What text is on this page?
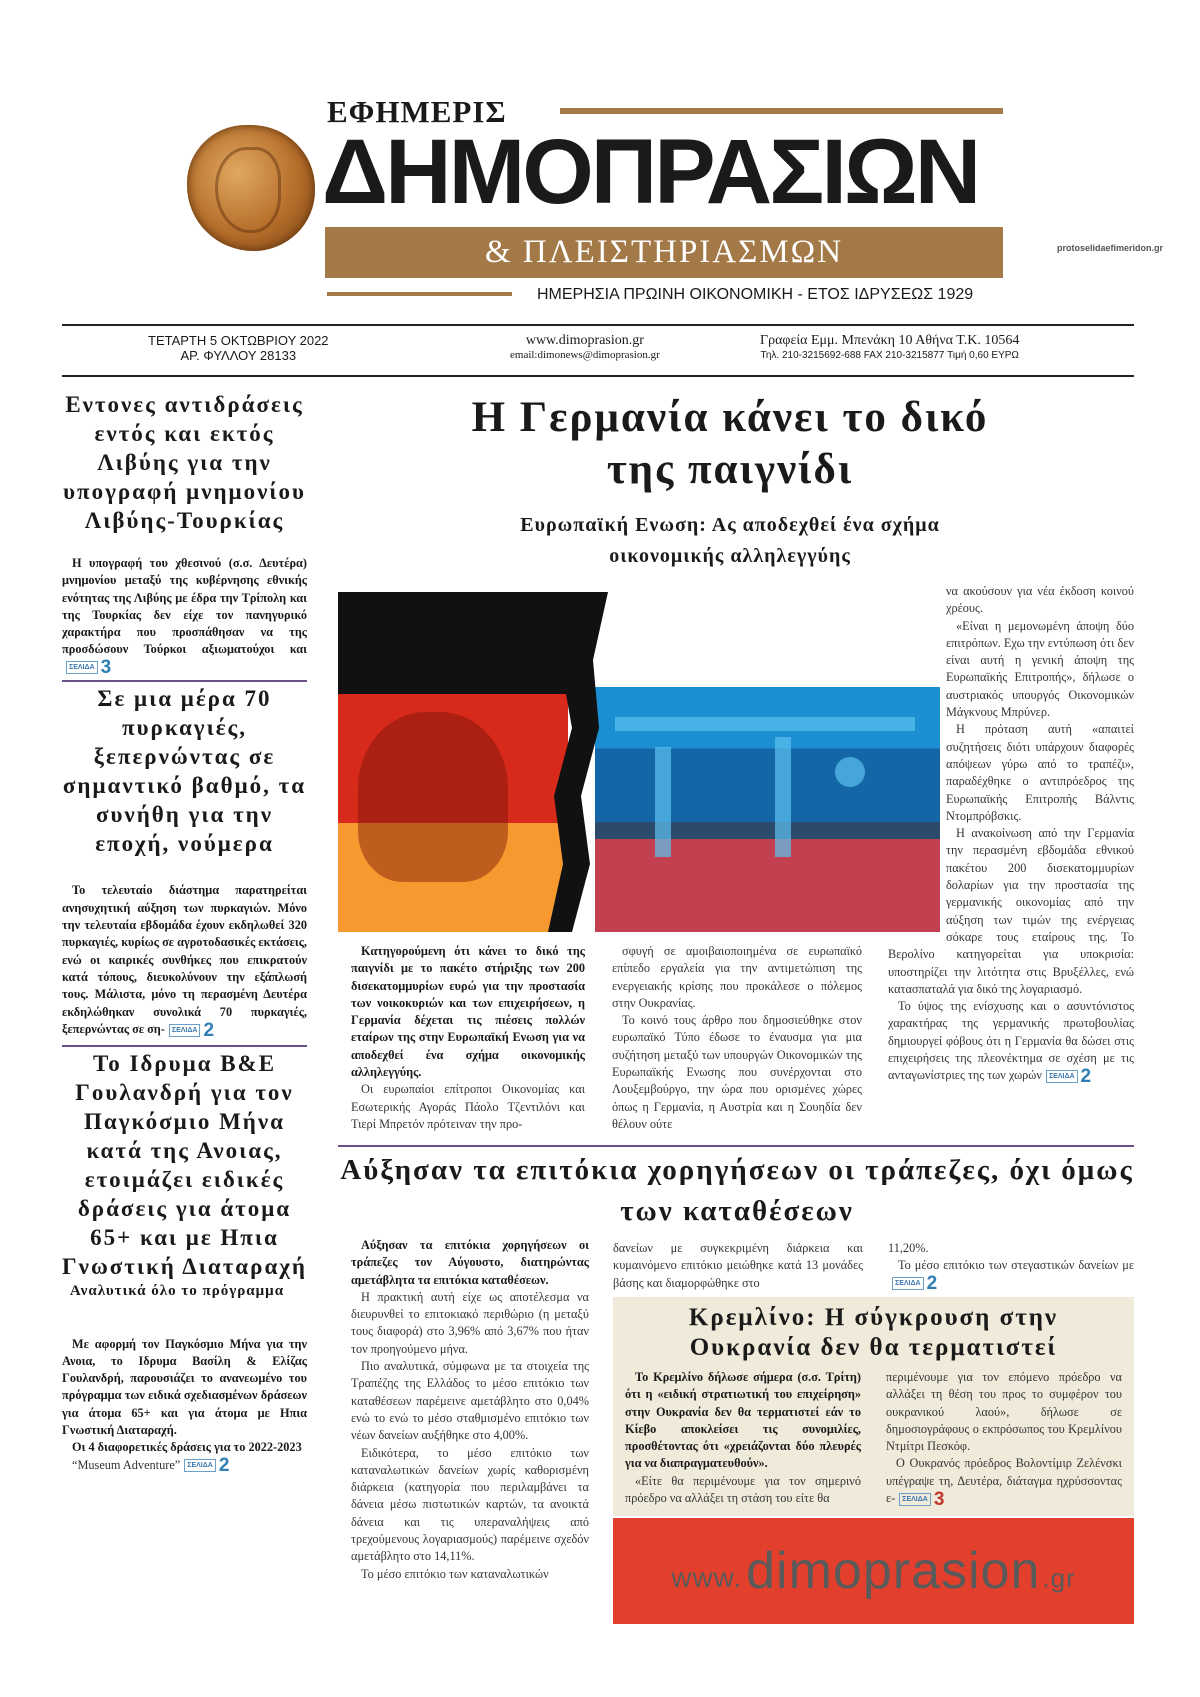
ΕΦΗΜΕΡΙΣ
ΔΗΜΟΠΡΑΣΙΩΝ
& ΠΛΕΙΣΤΗΡΙΑΣΜΩΝ
ΗΜΕΡΗΣΙΑ ΠΡΩΙΝΗ ΟΙΚΟΝΟΜΙΚΗ - ΕΤΟΣ ΙΔΡΥΣΕΩΣ 1929
protoselidaefimeridon.gr
ΤΕΤΑΡΤΗ 5 ΟΚΤΩΒΡΙΟΥ 2022
ΑΡ. ΦΥΛΛΟΥ 28133
www.dimoprasion.gr
email:dimonews@dimoprasion.gr
Γραφεία Εμμ. Μπενάκη 10 Αθήνα Τ.Κ. 10564
Τηλ. 210-3215692-688 FAX 210-3215877 Τιμή 0,60 ΕΥΡΩ
Εντονες αντιδράσεις εντός και εκτός Λιβύης για την υπογραφή μνημονίου Λιβύης-Τουρκίας
Η υπογραφή του χθεσινού (σ.σ. Δευτέρα) μνημονίου μεταξύ της κυβέρνησης εθνικής ενότητας της Λιβύης με έδρα την Τρίπολη και της Τουρκίας δεν είχε τον πανηγυρικό χαρακτήρα που προσπάθησαν να της προσδώσουν Τούρκοι αξιωματούχοι και
ΣΕΛΙΔΑ 3
Σε μια μέρα 70 πυρκαγιές, ξεπερνώντας σε σημαντικό βαθμό, τα συνήθη για την εποχή, νούμερα
Το τελευταίο διάστημα παρατηρείται ανησυχητική αύξηση των πυρκαγιών. Μόνο την τελευταία εβδομάδα έχουν εκδηλωθεί 320 πυρκαγιές, κυρίως σε αγροτοδασικές εκτάσεις, ενώ οι καιρικές συνθήκες που επικρατούν κατά τόπους, διευκολύνουν την εξάπλωσή τους. Μάλιστα, μόνο τη περασμένη Δευτέρα εκδηλώθηκαν συνολικά 70 πυρκαγιές, ξεπερνώντας σε ση-	ΣΕΛΙΔΑ 2
Το Ιδρυμα Β&Ε Γουλανδρή για τον Παγκόσμιο Μήνα κατά της Ανοιας, ετοιμάζει ειδικές δράσεις για άτομα 65+ και με Ηπια Γνωστική Διαταραχή
Αναλυτικά όλο το πρόγραμμα

Με αφορμή τον Παγκόσμιο Μήνα για την Ανοια, το Ιδρυμα Βασίλη & Ελίζας Γουλανδρή, παρουσιάζει το ανανεωμένο του πρόγραμμα των ειδικά σχεδιασμένων δράσεων για άτομα 65+ και για άτομα με Ηπια Γνωστική Διαταραχή.

Οι 4 διαφορετικές δράσεις για το 2022-2023

“Museum Adventure”	ΣΕΛΙΔΑ 2

Η Γερμανία κάνει το δικό της παιγνίδι
Ευρωπαϊκή Ενωση: Ας αποδεχθεί ένα σχήμα οικονομικής αλληλεγγύης

Κατηγορούμενη ότι κάνει το δικό της παιγνίδι με το πακέτο στήριξης των 200 δισεκατομμυρίων ευρώ για την προστασία των νοικοκυριών και των επιχειρήσεων, η Γερμανία δέχεται τις πιέσεις πολλών εταίρων της στην Ευρωπαϊκή Ενωση για να αποδεχθεί ένα σχήμα οικονομικής αλληλεγγύης.

Οι ευρωπαίοι επίτροποι Οικονομίας και Εσωτερικής Αγοράς Πάολο Τζεντιλόνι και Τιερί Μπρετόν πρότειναν την προ-

σφυγή σε αμοιβαιοποιημένα σε ευρωπαϊκό επίπεδο εργαλεία για την αντιμετώπιση της ενεργειακής κρίσης που προκάλεσε ο πόλεμος στην Ουκρανίας.

Το κοινό τους άρθρο που δημοσιεύθηκε στον ευρωπαϊκό Τύπο έδωσε το έναυσμα για μια συζήτηση μεταξύ των υπουργών Οικονομικών της Ευρωπαϊκής Ενωσης που συνέρχονται στο Λουξεμβούργο, την ώρα που ορισμένες χώρες όπως η Γερμανία, η Αυστρία και η Σουηδία δεν θέλουν ούτε

να ακούσουν για νέα έκδοση κοινού χρέους.

«Είναι η μεμονωμένη άποψη δύο επιτρόπων. Εχω την εντύπωση ότι δεν είναι αυτή η γενική άποψη της Ευρωπαϊκής Επιτροπής», δήλωσε ο αυστριακός υπουργός Οικονομικών Μάγκνους Μπρύνερ.

Η πρόταση αυτή «απαιτεί συζητήσεις διότι υπάρχουν διαφορές απόψεων γύρω από το τραπέζι», παραδέχθηκε ο αντιπρόεδρος της Ευρωπαϊκής Επιτροπής Βάλντις Ντομπρόβσκις.

Η ανακοίνωση από την Γερμανία την περασμένη εβδομάδα εθνικού πακέτου 200 δισεκατομμυρίων δολαρίων για την προστασία της γερμανικής οικονομίας από την αύξηση των τιμών της ενέργειας σόκαρε τους εταίρους της. Το Βερολίνο κατηγορείται για υποκρισία: υποστηρίζει την λιτότητα στις Βρυξέλλες, ενώ κατασπαταλά για δικό της λογαριασμό.

Το ύψος της ενίσχυσης και ο ασυντόνιστος χαρακτήρας της γερμανικής πρωτοβουλίας δημιουργεί φόβους ότι η Γερμανία θα δώσει στις επιχειρήσεις της πλεονέκτημα σε σχέση με τις ανταγωνίστριες της των χωρών	ΣΕΛΙΔΑ 2

Αύξησαν τα επιτόκια χορηγήσεων οι τράπεζες, όχι όμως των καταθέσεων

Αύξησαν τα επιτόκια χορηγήσεων οι τράπεζες τον Αύγουστο, διατηρώντας αμετάβλητα τα επιτόκια καταθέσεων.

Η πρακτική αυτή είχε ως αποτέλεσμα να διευρυνθεί το επιτοκιακό περιθώριο (η μεταξύ τους διαφορά) στο 3,96% από 3,67% που ήταν τον προηγούμενο μήνα.

Πιο αναλυτικά, σύμφωνα με τα στοιχεία της Τραπέζης της Ελλάδος το μέσο επιτόκιο των καταθέσεων παρέμεινε αμετάβλητο στο 0,04% ενώ το ενώ το μέσο σταθμισμένο επιτόκιο των νέων δανείων αυξήθηκε στο 4,00%.

Ειδικότερα, το μέσο επιτόκιο των καταναλωτικών δανείων χωρίς καθορισμένη διάρκεια (κατηγορία που περιλαμβάνει τα δάνεια μέσω πιστωτικών καρτών, τα ανοικτά δάνεια και τις υπεραναλήψεις από τρεχούμενους λογαριασμούς) παρέμεινε σχεδόν αμετάβλητο στο 14,11%.

Το μέσο επιτόκιο των καταναλωτικών

δανείων με συγκεκριμένη διάρκεια και κυμαινόμενο επιτόκιο μειώθηκε κατά 13 μονάδες βάσης και διαμορφώθηκε στο

11,20%.

Το μέσο επιτόκιο των στεγαστικών δανείων με
ΣΕΛΙΔΑ 2

Κρεμλίνο: Η σύγκρουση στην Ουκρανία δεν θα τερματιστεί

Το Κρεμλίνο δήλωσε σήμερα (σ.σ. Τρίτη) ότι η «ειδική στρατιωτική του επιχείρηση» στην Ουκρανία δεν θα τερματιστεί εάν το Κίεβο αποκλείσει τις συνομιλίες, προσθέτοντας ότι «χρειάζονται δύο πλευρές για να διαπραγματευθούν».

«Είτε θα περιμένουμε για τον σημερινό πρόεδρο να αλλάξει τη στάση του είτε θα

περιμένουμε για τον επόμενο πρόεδρο να αλλάξει τη θέση του προς το συμφέρον του ουκρανικού λαού», δήλωσε σε δημοσιογράφους ο εκπρόσωπος του Κρεμλίνου Ντμίτρι Πεσκόφ.

Ο Ουκρανός πρόεδρος Βολοντίμιρ Ζελένσκι υπέγραψε τη, Δευτέρα, διάταγμα ηχρύσσοντας ε-	ΣΕΛΙΔΑ 3

www. dimoprasion .gr
